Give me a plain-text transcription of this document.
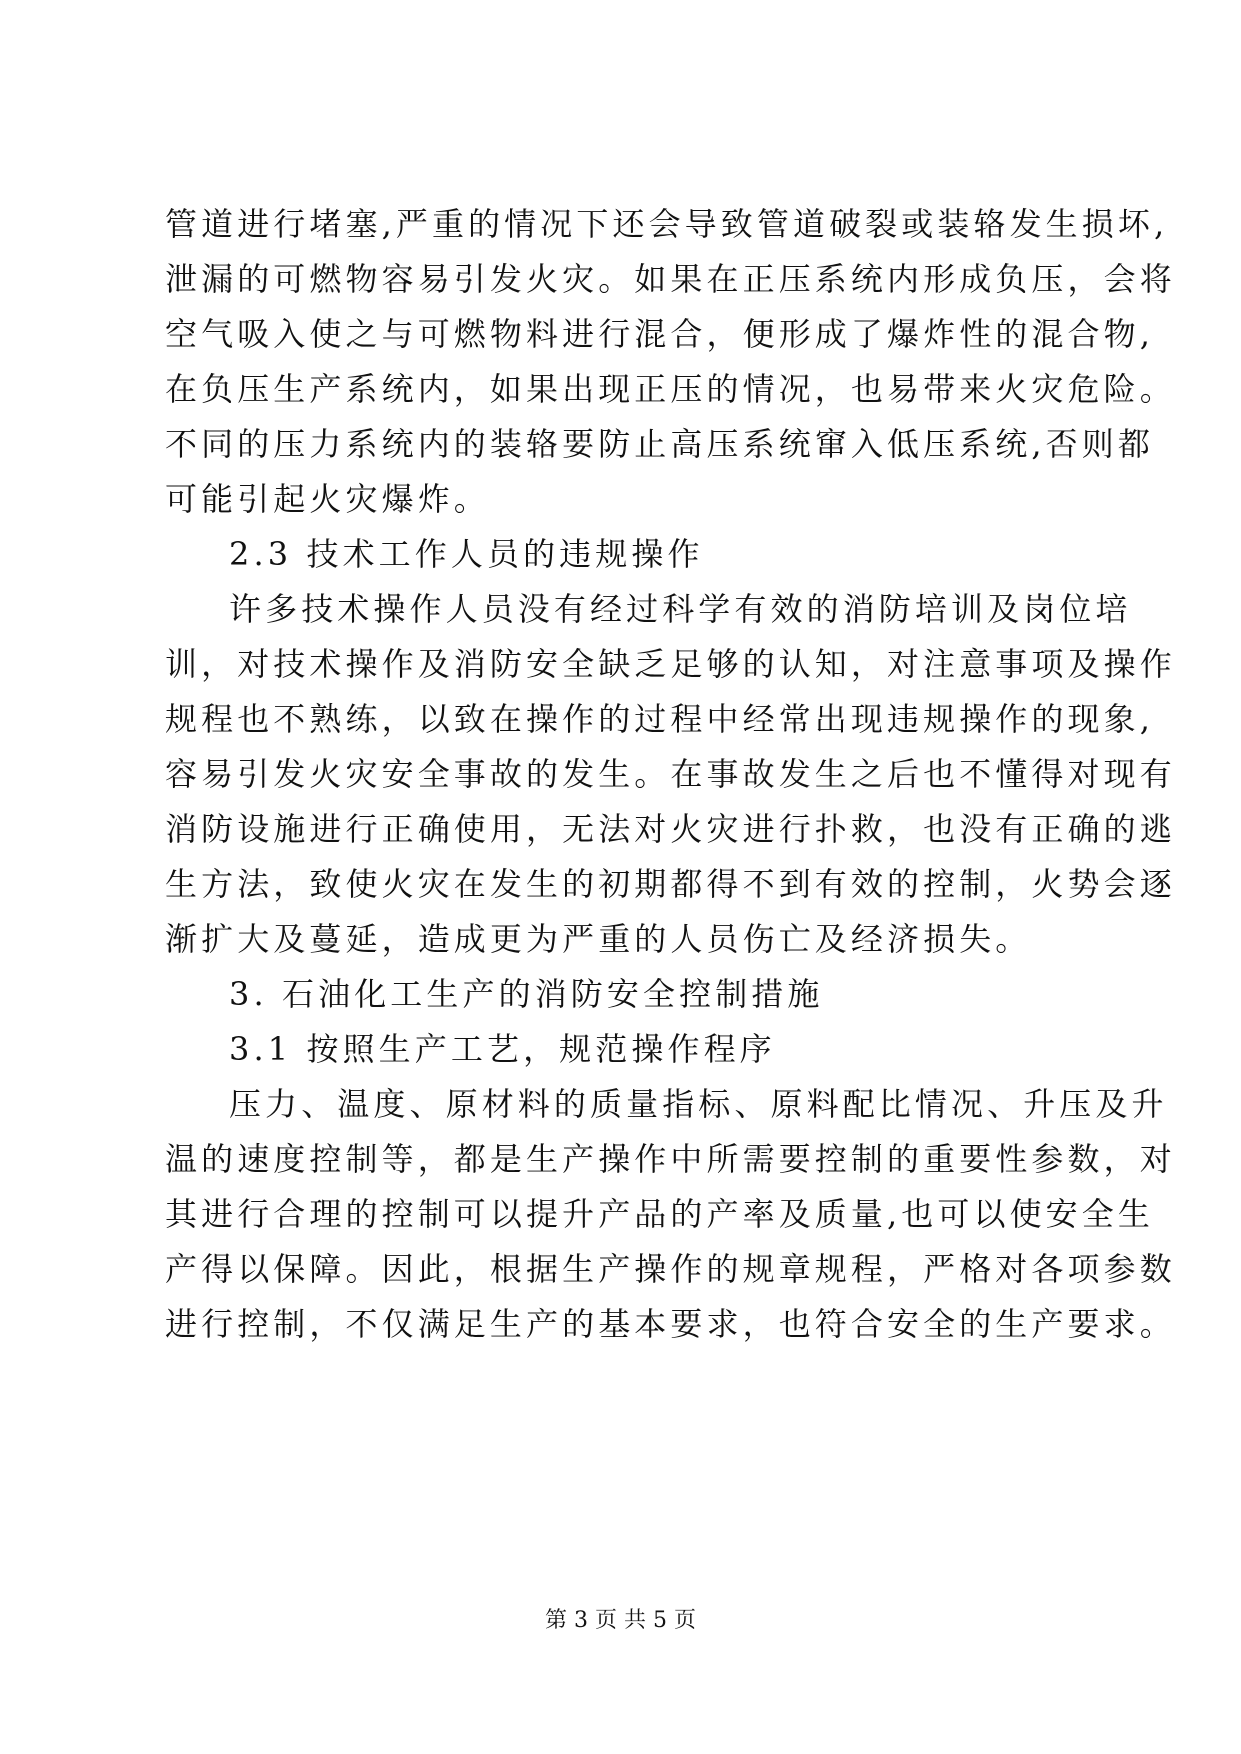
管道进行堵塞,严重的情况下还会导致管道破裂或装辂发生损坏,
泄漏的可燃物容易引发火灾。如果在正压系统内形成负压，会将
空气吸入使之与可燃物料进行混合，便形成了爆炸性的混合物,
在负压生产系统内，如果出现正压的情况，也易带来火灾危险。
不同的压力系统内的装辂要防止高压系统窜入低压系统,否则都
可能引起火灾爆炸。
2.3 技术工作人员的违规操作
许多技术操作人员没有经过科学有效的消防培训及岗位培
训，对技术操作及消防安全缺乏足够的认知，对注意事项及操作
规程也不熟练，以致在操作的过程中经常出现违规操作的现象,
容易引发火灾安全事故的发生。在事故发生之后也不懂得对现有
消防设施进行正确使用，无法对火灾进行扑救，也没有正确的逃
生方法，致使火灾在发生的初期都得不到有效的控制，火势会逐
渐扩大及蔓延，造成更为严重的人员伤亡及经济损失。
3. 石油化工生产的消防安全控制措施
3.1 按照生产工艺，规范操作程序
压力、温度、原材料的质量指标、原料配比情况、升压及升
温的速度控制等，都是生产操作中所需要控制的重要性参数，对
其进行合理的控制可以提升产品的产率及质量,也可以使安全生
产得以保障。因此，根据生产操作的规章规程，严格对各项参数
进行控制，不仅满足生产的基本要求，也符合安全的生产要求。
第 3 页 共 5 页
